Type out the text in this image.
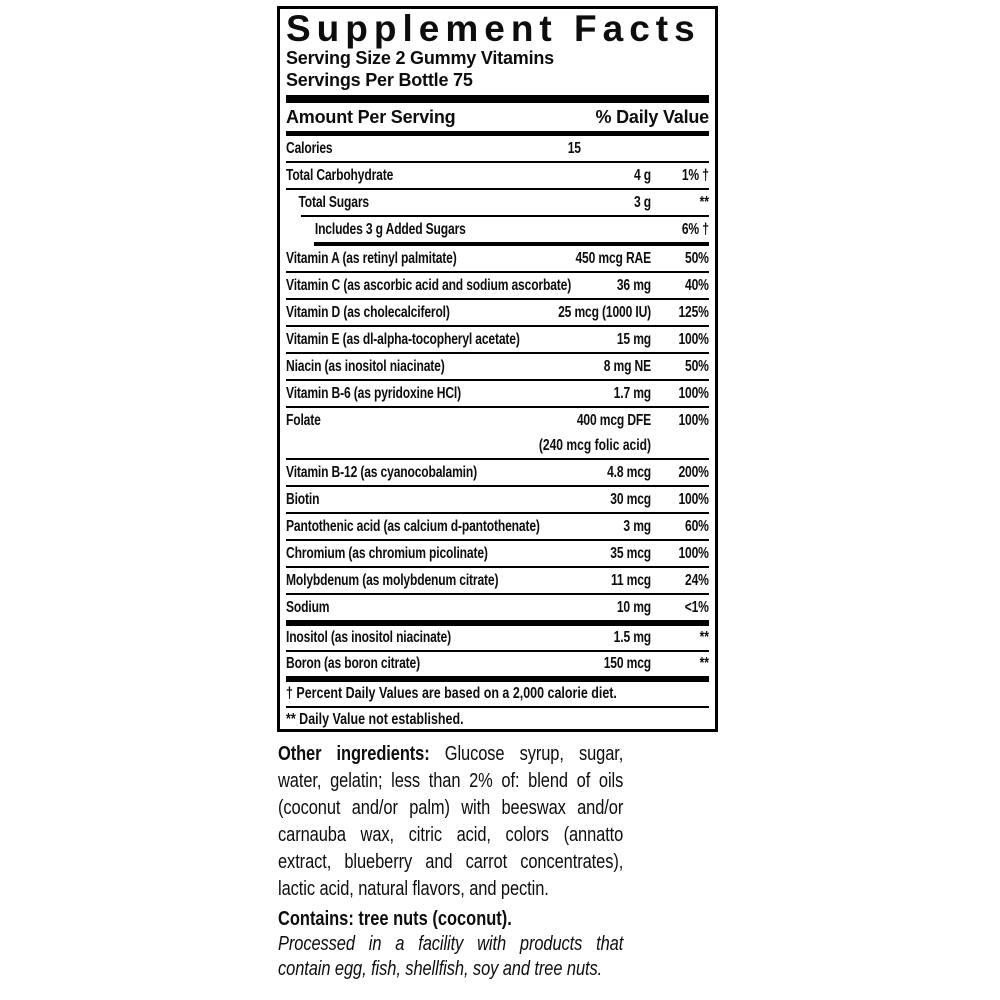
Supplement Facts
Serving Size 2 Gummy Vitamins
Servings Per Bottle 75
Amount Per Serving	% Daily Value
Calories	15
Total Carbohydrate	4 g	1% †
Total Sugars	3 g	**
Includes 3 g Added Sugars	6% †
Vitamin A (as retinyl palmitate)	450 mcg RAE	50%
Vitamin C (as ascorbic acid and sodium ascorbate)	36 mg	40%
Vitamin D (as cholecalciferol)	25 mcg (1000 IU)	125%
Vitamin E (as dl-alpha-tocopheryl acetate)	15 mg	100%
Niacin (as inositol niacinate)	8 mg NE	50%
Vitamin B-6 (as pyridoxine HCl)	1.7 mg	100%
Folate	400 mcg DFE	100%
(240 mcg folic acid)
Vitamin B-12 (as cyanocobalamin)	4.8 mcg	200%
Biotin	30 mcg	100%
Pantothenic acid (as calcium d-pantothenate)	3 mg	60%
Chromium (as chromium picolinate)	35 mcg	100%
Molybdenum (as molybdenum citrate)	11 mcg	24%
Sodium	10 mg	<1%
Inositol (as inositol niacinate)	1.5 mg	**
Boron (as boron citrate)	150 mcg	**
† Percent Daily Values are based on a 2,000 calorie diet.
** Daily Value not established.

Other ingredients: Glucose syrup, sugar, water, gelatin; less than 2% of: blend of oils (coconut and/or palm) with beeswax and/or carnauba wax, citric acid, colors (annatto extract, blueberry and carrot concentrates), lactic acid, natural flavors, and pectin.

Contains: tree nuts (coconut).
Processed in a facility with products that contain egg, fish, shellfish, soy and tree nuts.
